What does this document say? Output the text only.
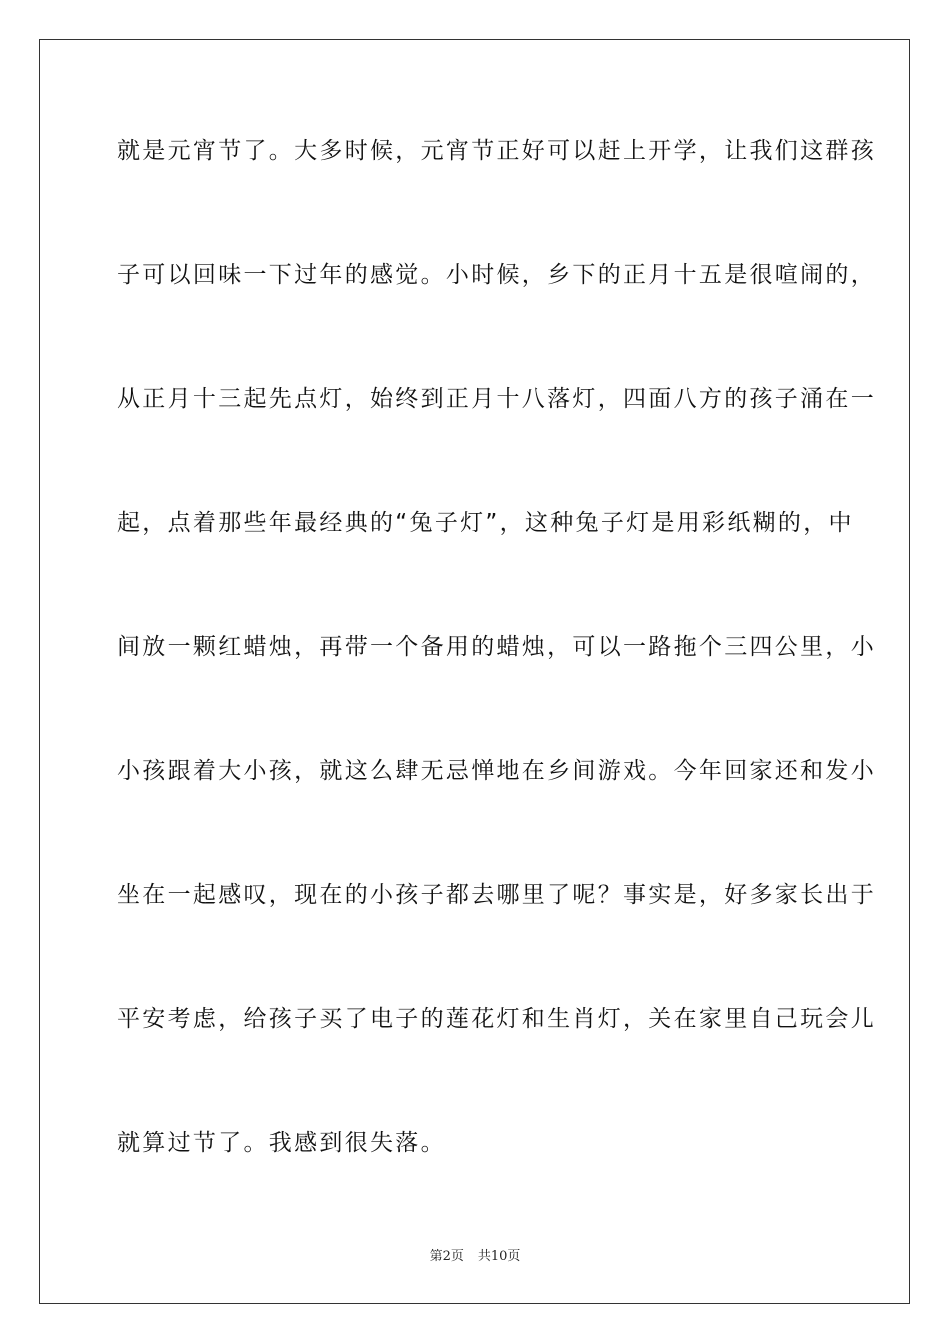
就是元宵节了。大多时候，元宵节正好可以赶上开学，让我们这群孩
子可以回味一下过年的感觉。小时候，乡下的正月十五是很喧闹的，
从正月十三起先点灯，始终到正月十八落灯，四面八方的孩子涌在一
起，点着那些年最经典的“兔子灯”，这种兔子灯是用彩纸糊的，中
间放一颗红蜡烛，再带一个备用的蜡烛，可以一路拖个三四公里，小
小孩跟着大小孩，就这么肆无忌惮地在乡间游戏。今年回家还和发小
坐在一起感叹，现在的小孩子都去哪里了呢？事实是，好多家长出于
平安考虑，给孩子买了电子的莲花灯和生肖灯，关在家里自己玩会儿
就算过节了。我感到很失落。
第2页 共10页
